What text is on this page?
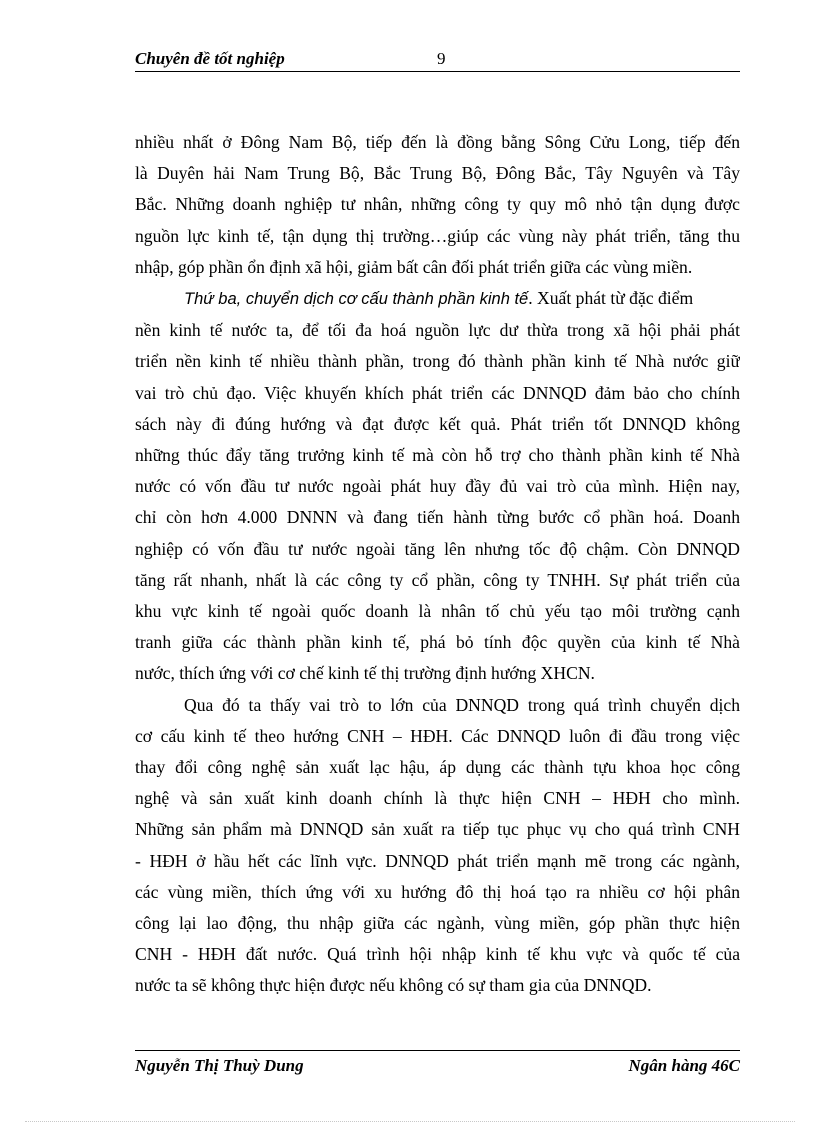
Chuyên đề tốt nghiệp	9
nhiều nhất ở Đông Nam Bộ, tiếp đến là đồng bằng Sông Cửu Long, tiếp đến
là Duyên hải Nam Trung Bộ, Bắc Trung Bộ, Đông Bắc, Tây Nguyên và Tây
Bắc. Những doanh nghiệp tư nhân, những công ty quy mô nhỏ tận dụng được
nguồn lực kinh tế, tận dụng thị trường…giúp các vùng này phát triển, tăng thu
nhập, góp phần ổn định xã hội, giảm bất cân đối phát triển giữa các vùng miền.
Thứ ba, chuyển dịch cơ cấu thành phần kinh tế. Xuất phát từ đặc điểm
nền kinh tế nước ta, để tối đa hoá nguồn lực dư thừa trong xã hội phải phát
triển nền kinh tế nhiều thành phần, trong đó thành phần kinh tế Nhà nước giữ
vai trò chủ đạo. Việc khuyến khích phát triển các DNNQD đảm bảo cho chính
sách này đi đúng hướng và đạt được kết quả. Phát triển tốt DNNQD không
những thúc đẩy tăng trưởng kinh tế mà còn hỗ trợ cho thành phần kinh tế Nhà
nước có vốn đầu tư nước ngoài phát huy đầy đủ vai trò của mình. Hiện nay,
chỉ còn hơn 4.000 DNNN và đang tiến hành từng bước cổ phần hoá. Doanh
nghiệp có vốn đầu tư nước ngoài tăng lên nhưng tốc độ chậm. Còn DNNQD
tăng rất nhanh, nhất là các công ty cổ phần, công ty TNHH. Sự phát triển của
khu vực kinh tế ngoài quốc doanh là nhân tố chủ yếu tạo môi trường cạnh
tranh giữa các thành phần kinh tế, phá bỏ tính độc quyền của kinh tế Nhà
nước, thích ứng với cơ chế kinh tế thị trường định hướng XHCN.
Qua đó ta thấy vai trò to lớn của DNNQD trong quá trình chuyển dịch
cơ cấu kinh tế theo hướng CNH – HĐH. Các DNNQD luôn đi đầu trong việc
thay đổi công nghệ sản xuất lạc hậu, áp dụng các thành tựu khoa học công
nghệ và sản xuất kinh doanh chính là thực hiện CNH – HĐH cho mình.
Những sản phẩm mà DNNQD sản xuất ra tiếp tục phục vụ cho quá trình CNH
- HĐH ở hầu hết các lĩnh vực. DNNQD phát triển mạnh mẽ trong các ngành,
các vùng miền, thích ứng với xu hướng đô thị hoá tạo ra nhiều cơ hội phân
công lại lao động, thu nhập giữa các ngành, vùng miền, góp phần thực hiện
CNH - HĐH đất nước. Quá trình hội nhập kinh tế khu vực và quốc tế của
nước ta sẽ không thực hiện được nếu không có sự tham gia của DNNQD.
Nguyễn Thị Thuỳ Dung	Ngân hàng 46C
